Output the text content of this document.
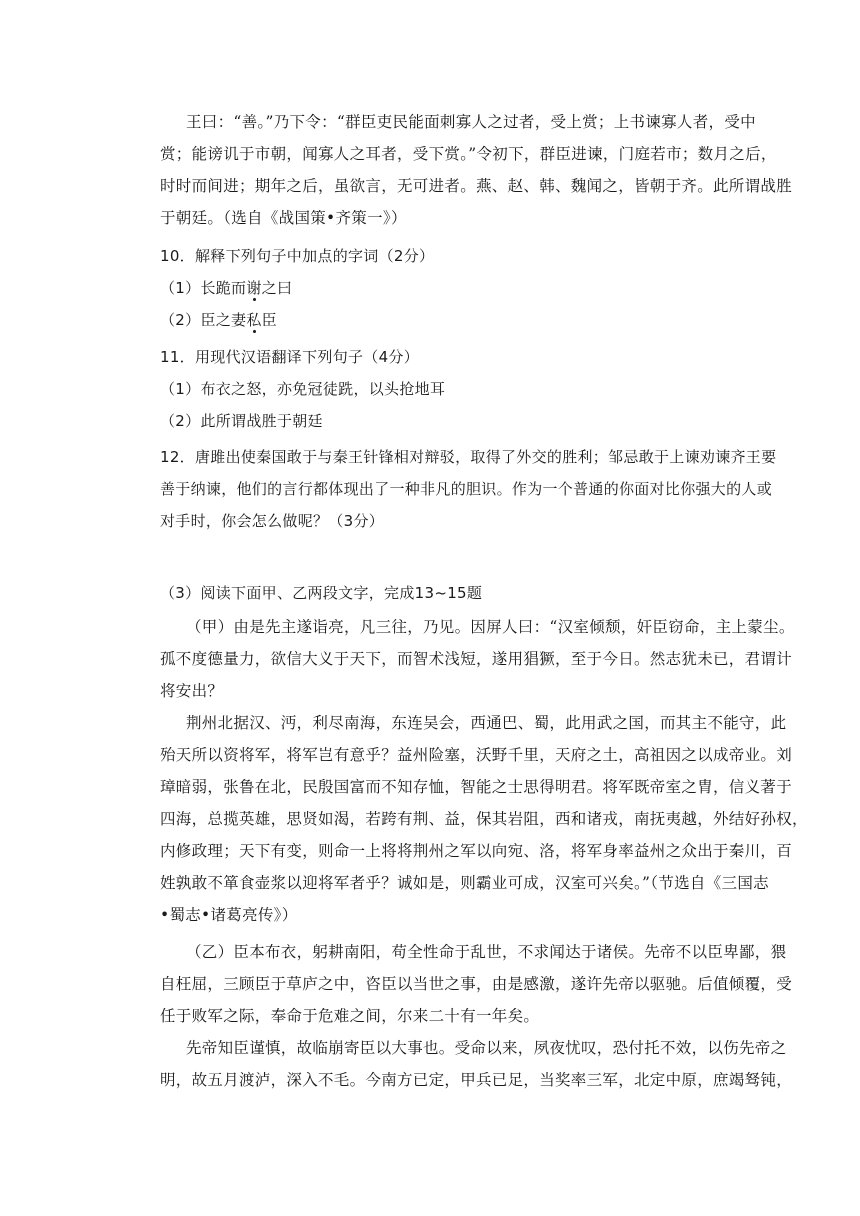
王曰：“善。”乃下令：“群臣吏民能面刺寡人之过者，受上赏；上书谏寡人者，受中
赏；能谤讥于市朝，闻寡人之耳者，受下赏。”令初下，群臣进谏，门庭若市；数月之后，
时时而间进；期年之后，虽欲言，无可进者。燕、赵、韩、魏闻之，皆朝于齐。此所谓战胜
于朝廷。（选自《战国策•齐策一》）
10．解释下列句子中加点的字词（2分）
（1）长跪而谢之曰
（2）臣之妻私臣
11．用现代汉语翻译下列句子（4分）
（1）布衣之怒，亦免冠徒跣，以头抢地耳
（2）此所谓战胜于朝廷
12．唐雎出使秦国敢于与秦王针锋相对辩驳，取得了外交的胜利；邹忌敢于上谏劝谏齐王要
善于纳谏，他们的言行都体现出了一种非凡的胆识。作为一个普通的你面对比你强大的人或
对手时，你会怎么做呢？（3分）
（3）阅读下面甲、乙两段文字，完成13~15题
（甲）由是先主遂诣亮，凡三往，乃见。因屏人曰：“汉室倾颓，奸臣窃命，主上蒙尘。
孤不度德量力，欲信大义于天下，而智术浅短，遂用猖獗，至于今日。然志犹未已，君谓计
将安出？
荆州北据汉、沔，利尽南海，东连吴会，西通巴、蜀，此用武之国，而其主不能守，此
殆天所以资将军，将军岂有意乎？益州险塞，沃野千里，天府之土，高祖因之以成帝业。刘
璋暗弱，张鲁在北，民殷国富而不知存恤，智能之士思得明君。将军既帝室之胄，信义著于
四海，总揽英雄，思贤如渴，若跨有荆、益，保其岩阻，西和诸戎，南抚夷越，外结好孙权，
内修政理；天下有变，则命一上将将荆州之军以向宛、洛，将军身率益州之众出于秦川，百
姓孰敢不箪食壶浆以迎将军者乎？诚如是，则霸业可成，汉室可兴矣。”（节选自《三国志
•蜀志•诸葛亮传》）
（乙）臣本布衣，躬耕南阳，苟全性命于乱世，不求闻达于诸侯。先帝不以臣卑鄙，猥
自枉屈，三顾臣于草庐之中，咨臣以当世之事，由是感激，遂许先帝以驱驰。后值倾覆，受
任于败军之际，奉命于危难之间，尔来二十有一年矣。
先帝知臣谨慎，故临崩寄臣以大事也。受命以来，夙夜忧叹，恐付托不效，以伤先帝之
明，故五月渡泸，深入不毛。今南方已定，甲兵已足，当奖率三军，北定中原，庶竭驽钝，
